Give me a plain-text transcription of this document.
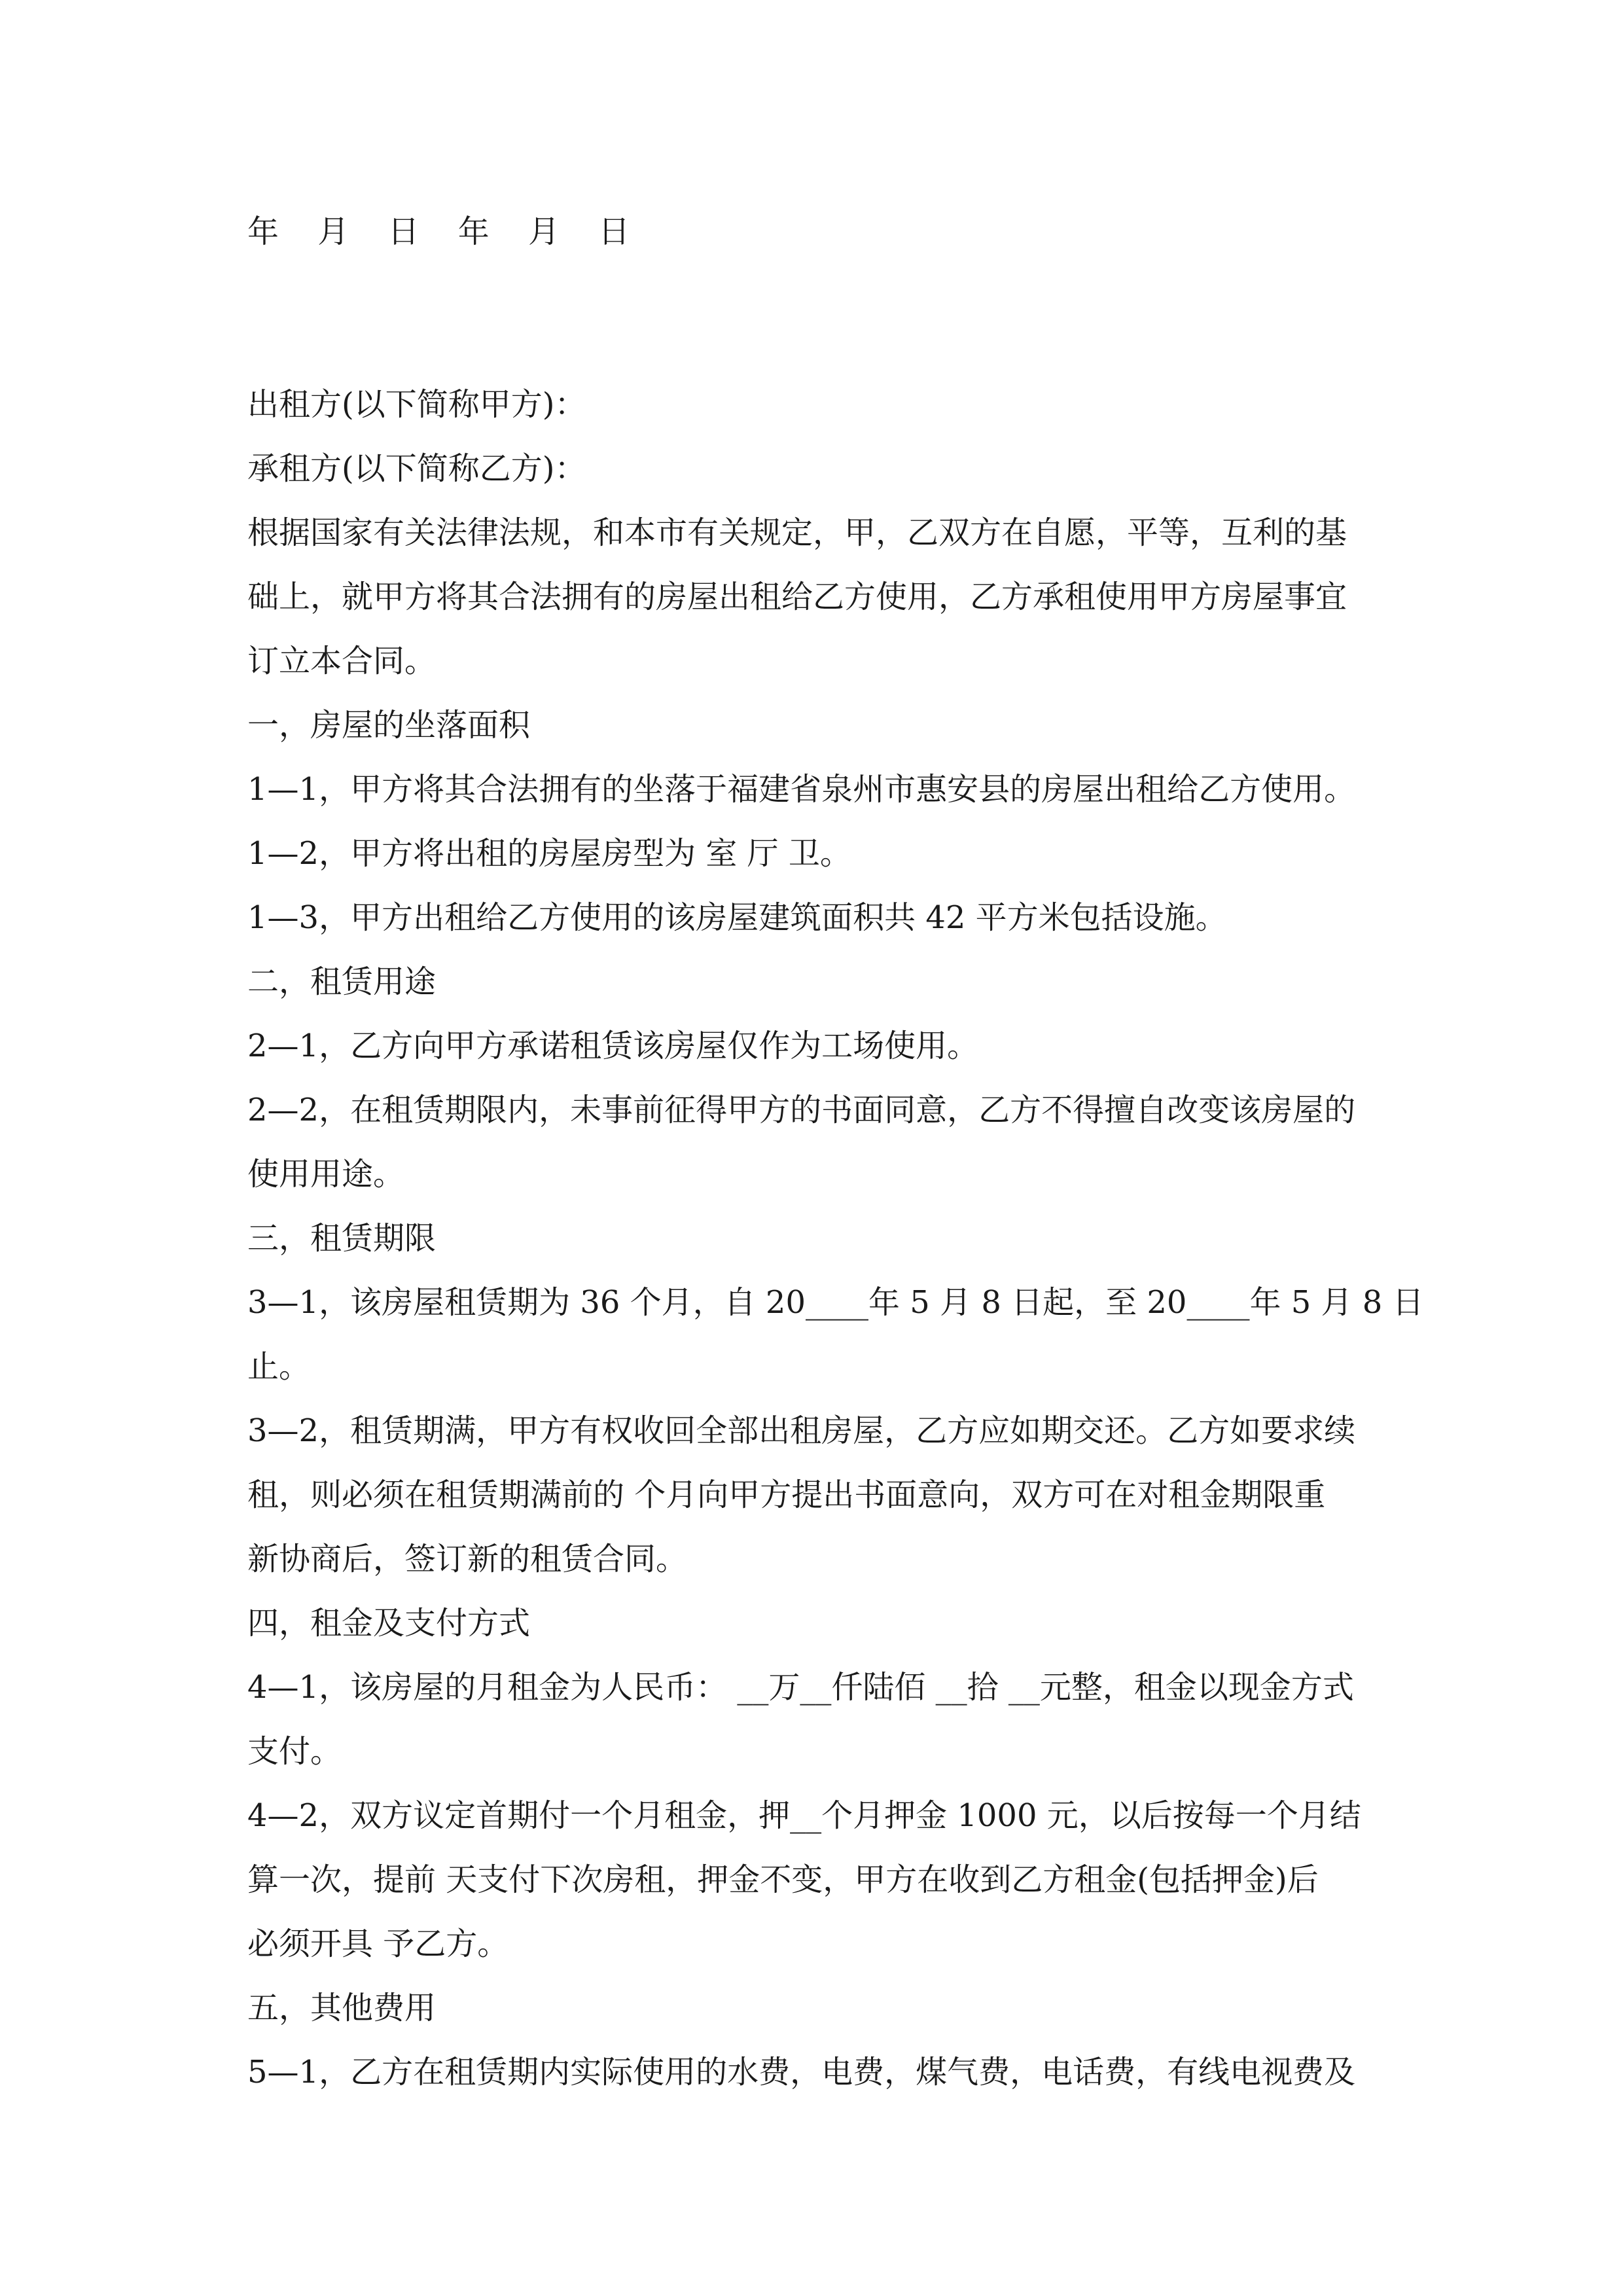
年 月 日 年 月 日
出租方(以下简称甲方)：
承租方(以下简称乙方)：
根据国家有关法律法规，和本市有关规定，甲，乙双方在自愿，平等，互利的基
础上，就甲方将其合法拥有的房屋出租给乙方使用，乙方承租使用甲方房屋事宜
订立本合同。
一，房屋的坐落面积
1—1，甲方将其合法拥有的坐落于福建省泉州市惠安县的房屋出租给乙方使用。
1—2，甲方将出租的房屋房型为 室 厅 卫。
1—3，甲方出租给乙方使用的该房屋建筑面积共 42 平方米包括设施。
二，租赁用途
2—1，乙方向甲方承诺租赁该房屋仅作为工场使用。
2—2，在租赁期限内，未事前征得甲方的书面同意，乙方不得擅自改变该房屋的
使用用途。
三，租赁期限
3—1，该房屋租赁期为 36 个月，自 20____年 5 月 8 日起，至 20____年 5 月 8 日
止。
3—2，租赁期满，甲方有权收回全部出租房屋，乙方应如期交还。乙方如要求续
租，则必须在租赁期满前的 个月向甲方提出书面意向，双方可在对租金期限重
新协商后，签订新的租赁合同。
四，租金及支付方式
4—1，该房屋的月租金为人民币： __万__仟陆佰 __拾 __元整，租金以现金方式
支付。
4—2，双方议定首期付一个月租金，押__个月押金 1000 元，以后按每一个月结
算一次，提前 天支付下次房租，押金不变，甲方在收到乙方租金(包括押金)后
必须开具 予乙方。
五，其他费用
5—1，乙方在租赁期内实际使用的水费，电费，煤气费，电话费，有线电视费及
